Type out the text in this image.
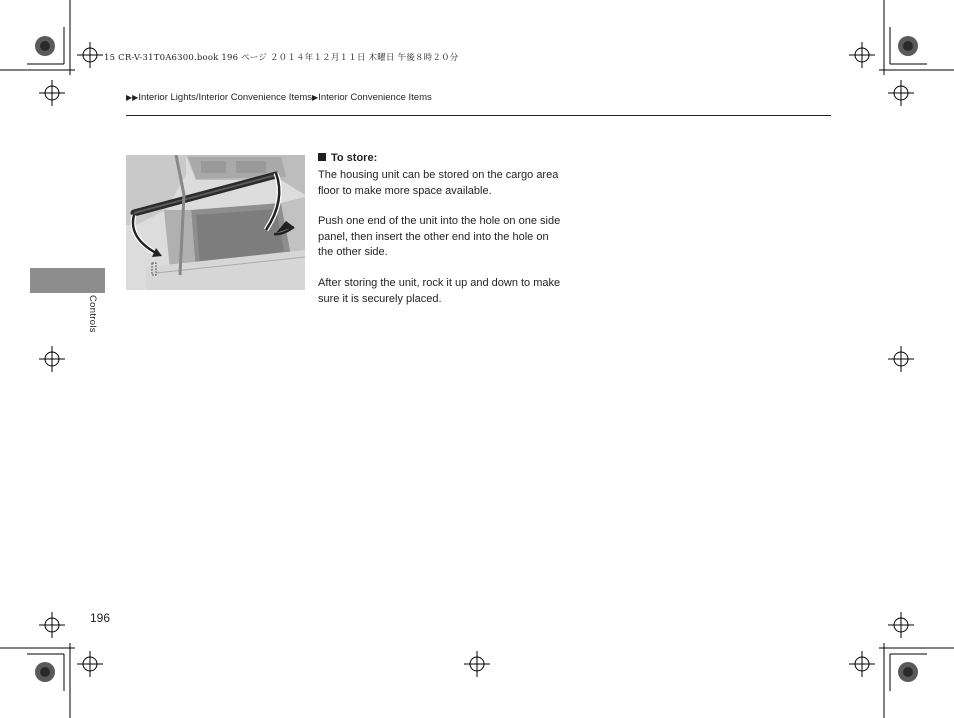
15 CR-V-31T0A6300.book 196 ページ ２０１４年１２月１１日 木曜日 午後８時２０分
▶▶Interior Lights/Interior Convenience Items▶Interior Convenience Items
Controls
To store:
The housing unit can be stored on the cargo area floor to make more space available.
Push one end of the unit into the hole on one side panel, then insert the other end into the hole on the other side.
After storing the unit, rock it up and down to make sure it is securely placed.
196
